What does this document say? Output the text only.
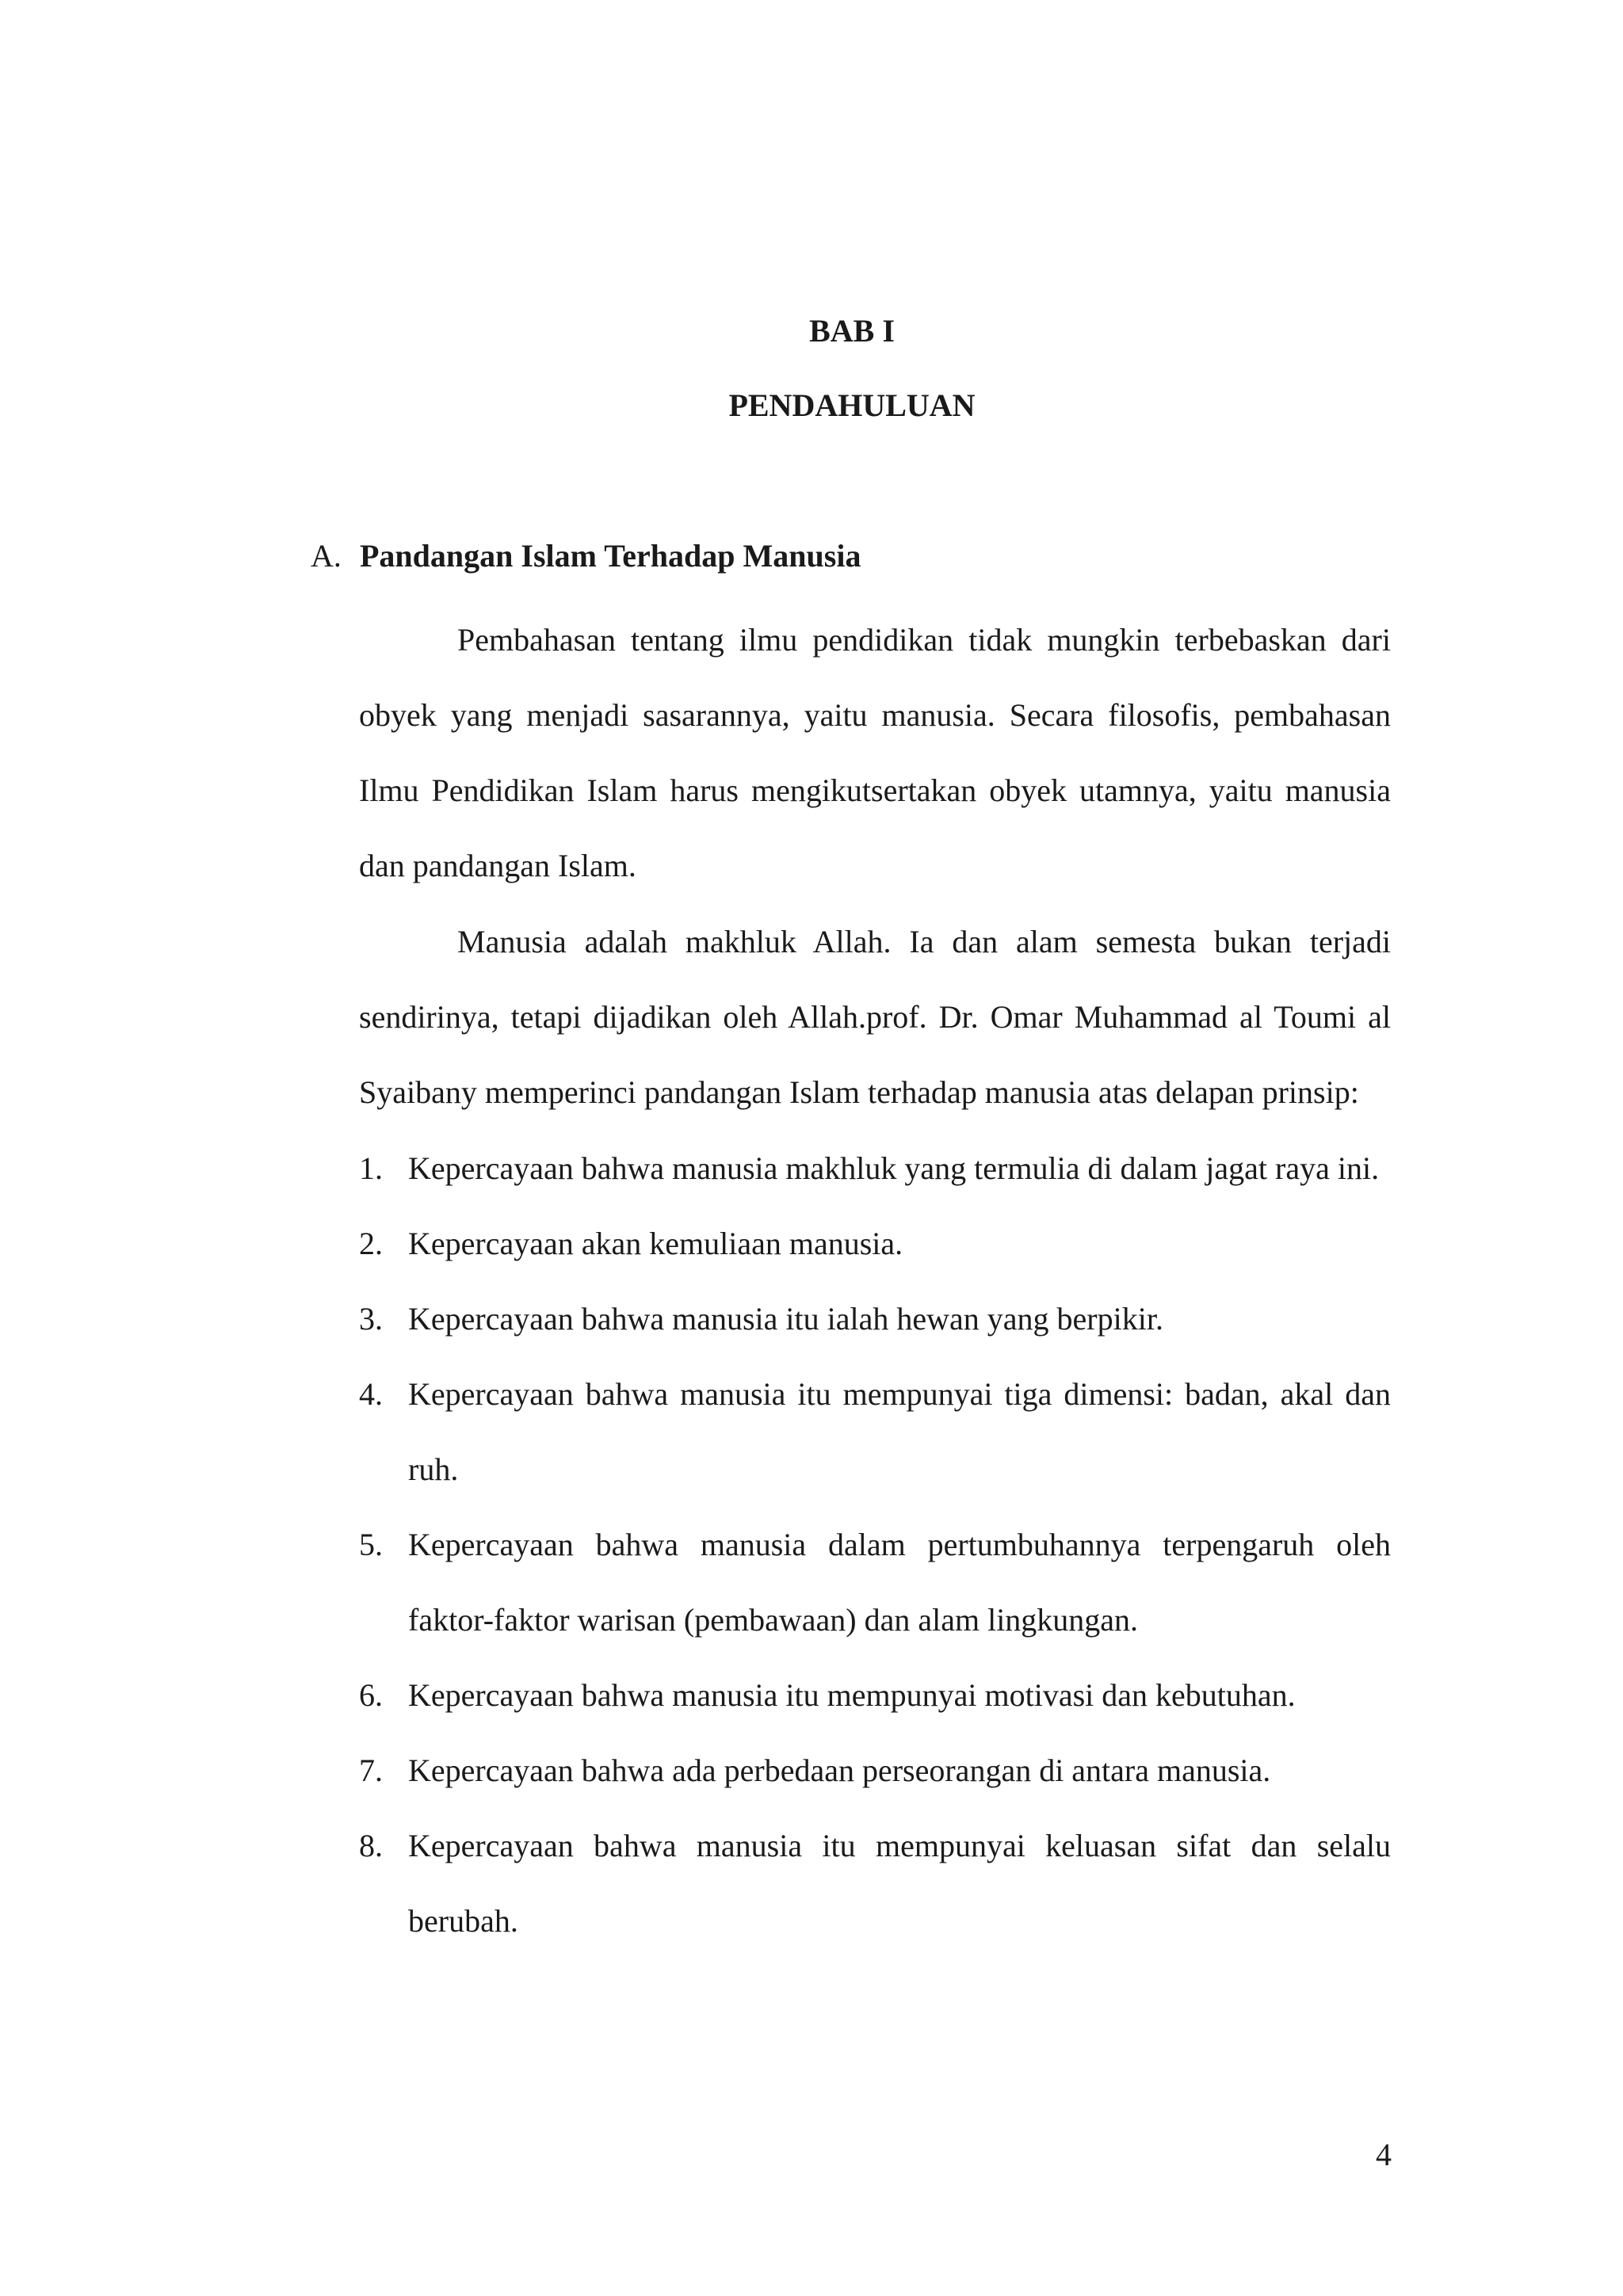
BAB I
PENDAHULUAN
A. Pandangan Islam Terhadap Manusia

Pembahasan tentang ilmu pendidikan tidak mungkin terbebaskan dari obyek yang menjadi sasarannya, yaitu manusia. Secara filosofis, pembahasan Ilmu Pendidikan Islam harus mengikutsertakan obyek utamnya, yaitu manusia dan pandangan Islam.

Manusia adalah makhluk Allah. Ia dan alam semesta bukan terjadi sendirinya, tetapi dijadikan oleh Allah.prof. Dr. Omar Muhammad al Toumi al Syaibany memperinci pandangan Islam terhadap manusia atas delapan prinsip:

1. Kepercayaan bahwa manusia makhluk yang termulia di dalam jagat raya ini.
2. Kepercayaan akan kemuliaan manusia.
3. Kepercayaan bahwa manusia itu ialah hewan yang berpikir.
4. Kepercayaan bahwa manusia itu mempunyai tiga dimensi: badan, akal dan ruh.
5. Kepercayaan bahwa manusia dalam pertumbuhannya terpengaruh oleh faktor-faktor warisan (pembawaan) dan alam lingkungan.
6. Kepercayaan bahwa manusia itu mempunyai motivasi dan kebutuhan.
7. Kepercayaan bahwa ada perbedaan perseorangan di antara manusia.
8. Kepercayaan bahwa manusia itu mempunyai keluasan sifat dan selalu berubah.
4
